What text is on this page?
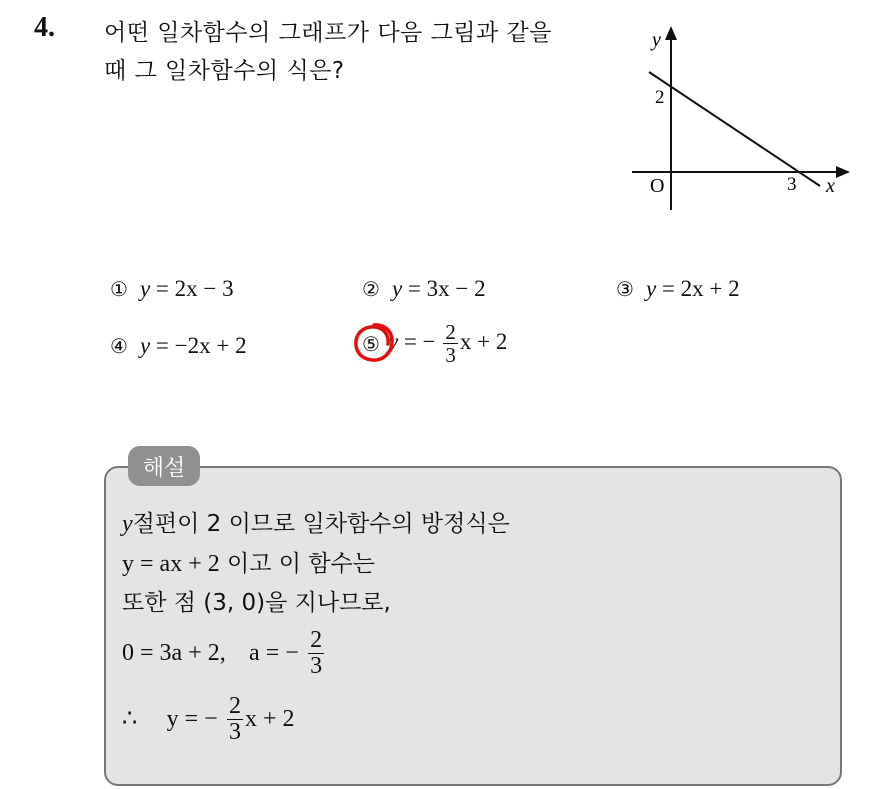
4. 어떤 일차함수의 그래프가 다음 그림과 같을
때 그 일차함수의 식은?
y
x
O
2
3
① y = 2x − 3	② y = 3x − 2	③ y = 2x + 2
④ y = −2x + 2	⑤ y = − $\frac{2}{3}$ x + 2
해설
y절편이 2 이므로 일차함수의 방정식은
y = ax + 2 이고 이 함수는
또한 점 (3, 0)을 지나므로,
0 = 3a + 2, a = − $\frac{2}{3}$
∴ y = − $\frac{2}{3}$ x + 2
